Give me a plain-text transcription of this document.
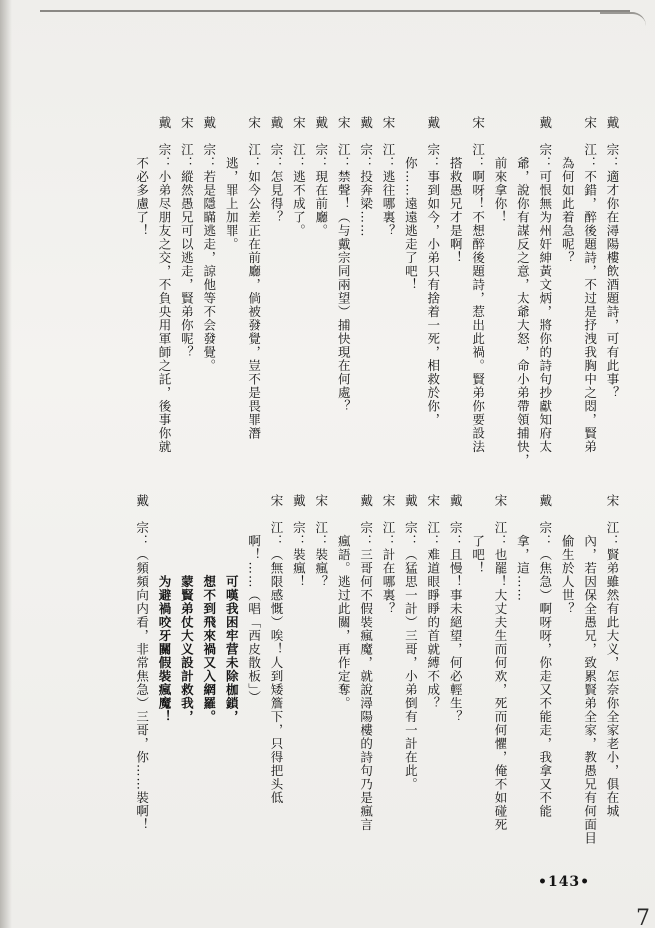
戴　宗：適才你在潯陽樓飲酒題詩，可有此事？
宋　江：不錯，醉後題詩，不过是抒洩我胸中之悶，賢弟
　　　為何如此着急呢？
戴　宗：可恨無为州奸紳黃文炳，將你的詩句抄獻知府太
　　　爺，說你有謀反之意，太爺大怒，命小弟帶領捕快，
　　　前來拿你！
宋　江：啊呀！不想醉後題詩，惹出此禍。賢弟你要設法
　　　搭救愚兄才是啊！
戴　宗：事到如今，小弟只有捨着一死，相救於你，
　　　你……遠遠逃走了吧！
宋　江：逃往哪裏？
戴　宗：投奔梁……
宋　江：禁聲！（与戴宗同兩望）捕快現在何處？
戴　宗：現在前廳。
宋　江：逃不成了。
戴　宗：怎見得？
宋　江：如今公差正在前廳，倘被發覺，豈不是畏罪潛
　　　逃，罪上加罪。
戴　宗：若是隱瞞逃走，諒他等不会發覺。
宋　江：縱然愚兄可以逃走，賢弟你呢？
戴　宗：小弟尽朋友之交，不負央用軍師之託，後事你就
　　　不必多慮了！
宋　江：賢弟雖然有此大义，怎奈你全家老小，俱在城
　　　內，若因保全愚兄，致累賢弟全家，教愚兄有何面目
　　　偷生於人世？
戴　宗：（焦急）啊呀呀，你走又不能走，我拿又不能
　　　拿，這……
宋　江：也罷！大丈夫生而何欢，死而何懼，俺不如碰死
　　　了吧！
戴　宗：且慢！事未絕望，何必輕生？
宋　江：难道眼睜睜的首就縛不成？
戴　宗：（猛思一計）三哥，小弟倒有一計在此。
宋　江：計在哪裏？
戴　宗：三哥何不假裝瘋魔，就說潯陽樓的詩句乃是瘋言
　　　瘋語。逃过此關，再作定奪。
宋　江：裝瘋？
戴　宗：裝瘋！
宋　江：（無限感慨）唉！人到矮簷下，只得把头低
　　　啊！……（唱「西皮散板」）
　　　　　　可嘆我困牢营未除枷鎖，
　　　　　　想不到飛來禍又入網羅。
　　　　　　蒙賢弟仗大义設計救我，
　　　　　　为避禍咬牙關假裝瘋魔！
戴　宗：（頻頻向内看，非常焦急）三哥，你……裝啊！
•143•
7
